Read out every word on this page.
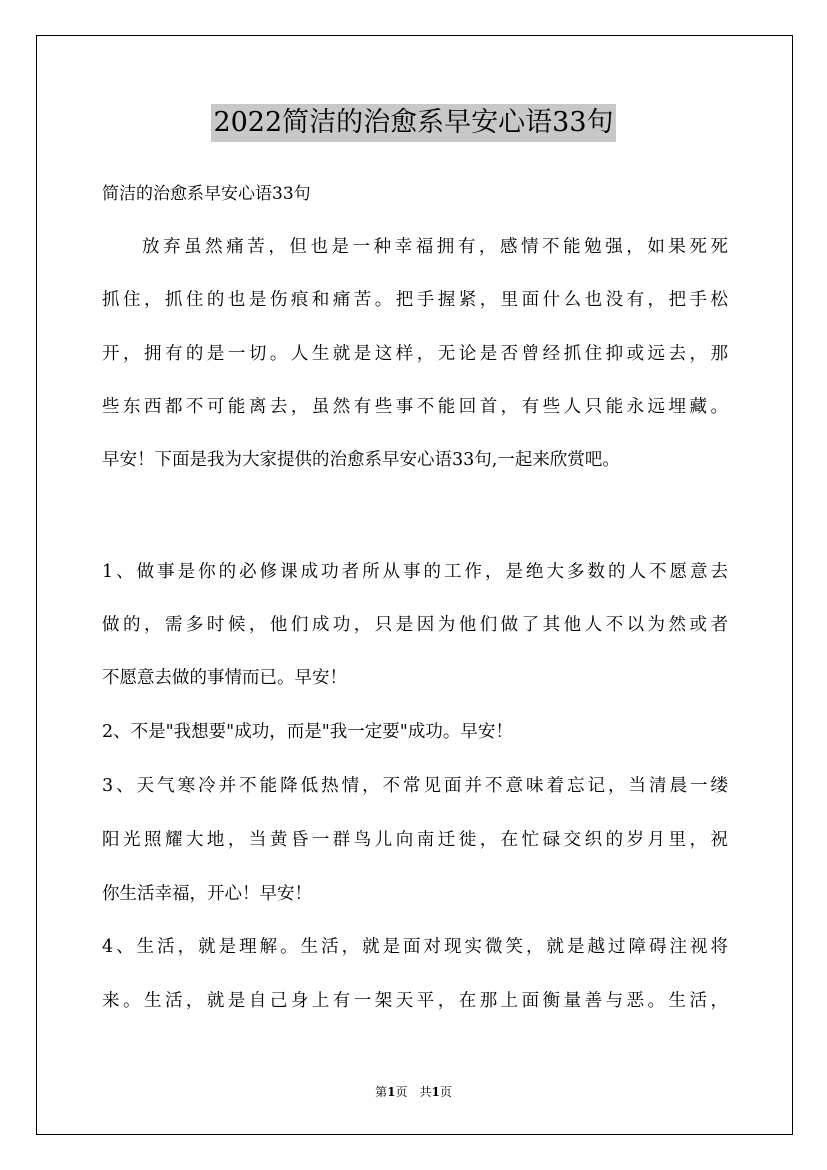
2022简洁的治愈系早安心语33句
简洁的治愈系早安心语33句
放弃虽然痛苦，但也是一种幸福拥有，感情不能勉强，如果死死
抓住，抓住的也是伤痕和痛苦。把手握紧，里面什么也没有，把手松
开，拥有的是一切。人生就是这样，无论是否曾经抓住抑或远去，那
些东西都不可能离去，虽然有些事不能回首，有些人只能永远埋藏。
早安！下面是我为大家提供的治愈系早安心语33句,一起来欣赏吧。
1、做事是你的必修课成功者所从事的工作，是绝大多数的人不愿意去
做的，需多时候，他们成功，只是因为他们做了其他人不以为然或者
不愿意去做的事情而已。早安！
2、不是"我想要"成功，而是"我一定要"成功。早安！
3、天气寒冷并不能降低热情，不常见面并不意味着忘记，当清晨一缕
阳光照耀大地，当黄昏一群鸟儿向南迁徙，在忙碌交织的岁月里，祝
你生活幸福，开心！早安！
4、生活，就是理解。生活，就是面对现实微笑，就是越过障碍注视将
来。生活，就是自己身上有一架天平，在那上面衡量善与恶。生活，
第1页　共1页
